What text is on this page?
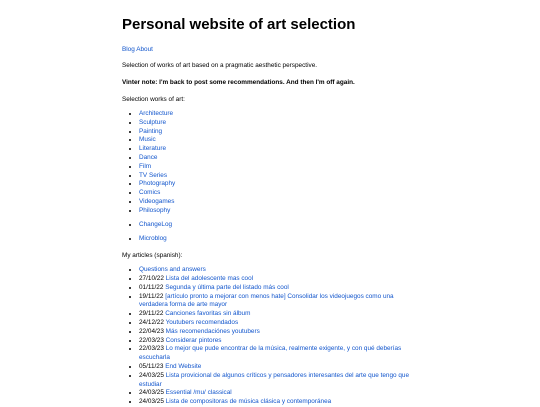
Personal website of art selection
Blog About

Selection of works of art based on a pragmatic aesthetic perspective.

Vinter note: I'm back to post some recommendations. And then I'm off again.

Selection works of art:

• Architecture
• Sculpture
• Painting
• Music
• Literature
• Dance
• Film
• TV Series
• Photography
• Comics
• Videogames
• Philosophy
• ChangeLog
• Microblog

My articles (spanish):

• Questions and answers
• 27/10/22 Lista del adolescente mas cool
• 01/11/22 Segunda y última parte del listado más cool
• 19/11/22 [artículo pronto a mejorar con menos hate] Consolidar los videojuegos como una verdadera forma de arte mayor
• 29/11/22 Canciones favoritas sin álbum
• 24/12/22 Youtubers recomendados
• 22/04/23 Más recomendaciónes youtubers
• 22/03/23 Considerar pintores
• 22/03/23 Lo mejor que pude encontrar de la música, realmente exigente, y con qué deberías escucharla
• 05/11/23 End Website
• 24/03/25 Lista provicional de algunos críticos y pensadores interesantes del arte que tengo que estudiar
• 24/03/25 Essential /mu/ classical
• 24/03/25 Lista de compositoras de música clásica y contemporánea
